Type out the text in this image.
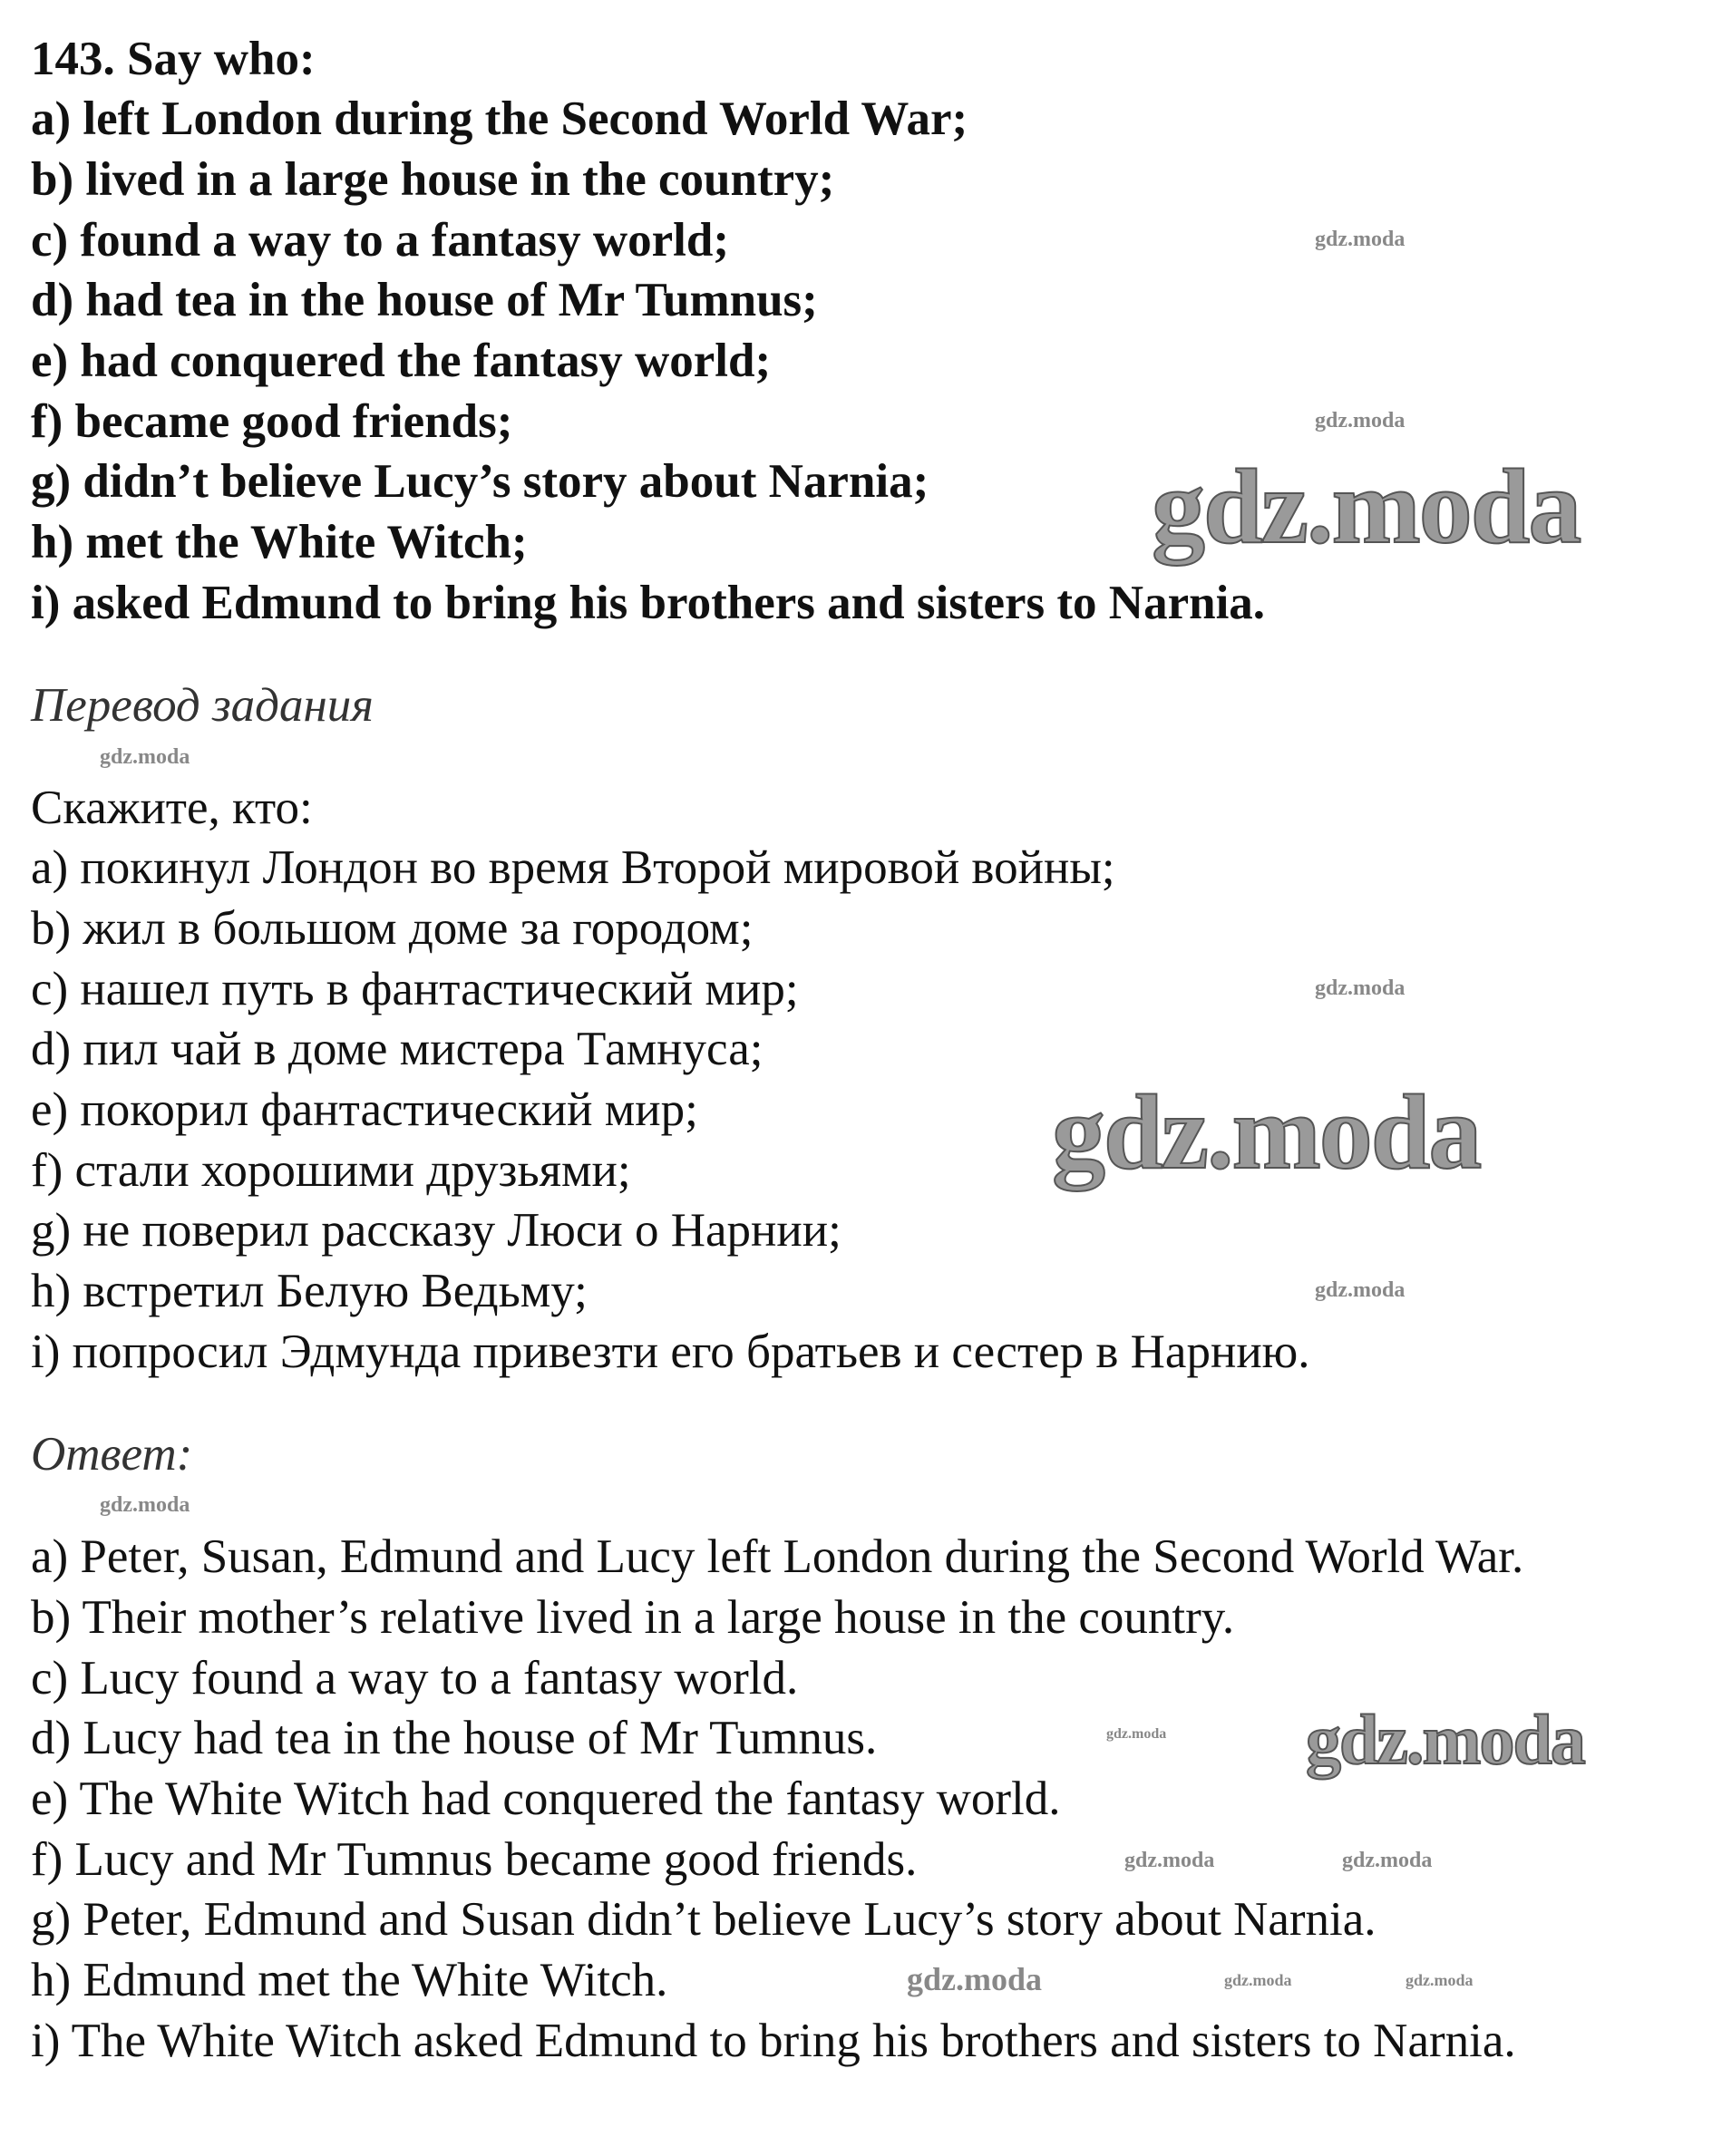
143. Say who:
a) left London during the Second World War;
b) lived in a large house in the country;
c) found a way to a fantasy world;
d) had tea in the house of Mr Tumnus;
e) had conquered the fantasy world;
f) became good friends;
g) didn’t believe Lucy’s story about Narnia;
h) met the White Witch;
i) asked Edmund to bring his brothers and sisters to Narnia.
Перевод задания
Скажите, кто:
a) покинул Лондон во время Второй мировой войны;
b) жил в большом доме за городом;
c) нашел путь в фантастический мир;
d) пил чай в доме мистера Тамнуса;
e) покорил фантастический мир;
f) стали хорошими друзьями;
g) не поверил рассказу Люси о Нарнии;
h) встретил Белую Ведьму;
i) попросил Эдмунда привезти его братьев и сестер в Нарнию.
Ответ:
a) Peter, Susan, Edmund and Lucy left London during the Second World War.
b) Their mother’s relative lived in a large house in the country.
c) Lucy found a way to a fantasy world.
d) Lucy had tea in the house of Mr Tumnus.
e) The White Witch had conquered the fantasy world.
f) Lucy and Mr Tumnus became good friends.
g) Peter, Edmund and Susan didn’t believe Lucy’s story about Narnia.
h) Edmund met the White Witch.
i) The White Witch asked Edmund to bring his brothers and sisters to Narnia.
gdz.moda
gdz.moda
gdz.moda
gdz.moda
gdz.moda
gdz.moda
gdz.moda
gdz.moda
gdz.moda
gdz.moda
gdz.moda	gdz.moda
gdz.moda	gdz.moda	gdz.moda
